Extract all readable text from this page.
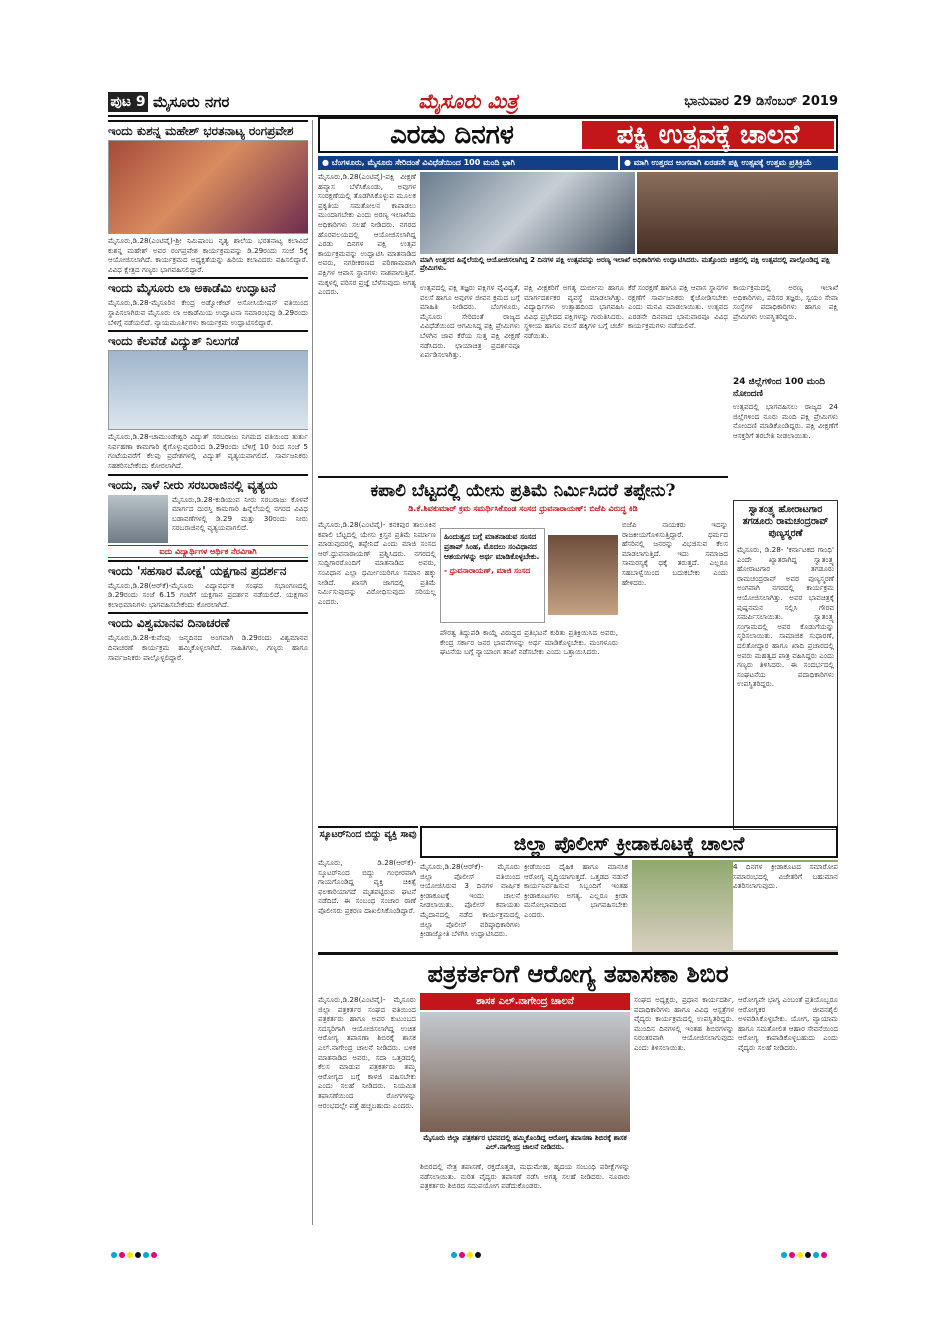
ಪುಟ 9 ಮೈಸೂರು ನಗರ	ಮೈಸೂರು ಮಿತ್ರ	ಭಾನುವಾರ 29 ಡಿಸೆಂಬರ್ 2019
ಇಂದು ಕುಶನ್ನ ಮಹೇಶ್ ಭರತನಾಟ್ಯ ರಂಗಪ್ರವೇಶ
ಮೈಸೂರು,ಡಿ.28(ಎಂಟಿವೈ)-ಶ್ರೀ ನಿಮಿಷಾಂಬ ನೃತ್ಯ ಶಾಲೆಯ ಭರತನಾಟ್ಯ ಕಲಾವಿದೆ ಕುಶನ್ನ ಮಹೇಶ್ ಅವರ ರಂಗಪ್ರವೇಶ ಕಾರ್ಯಕ್ರಮವನ್ನು ಡಿ.29ರಂದು ಸಂಜೆ 5ಕ್ಕೆ ಆಯೋಜಿಸಲಾಗಿದೆ. ಕಾರ್ಯಕ್ರಮದ ಅಧ್ಯಕ್ಷತೆಯನ್ನು ಹಿರಿಯ ಕಲಾವಿದರು ವಹಿಸಲಿದ್ದಾರೆ. ವಿವಿಧ ಕ್ಷೇತ್ರದ ಗಣ್ಯರು ಭಾಗವಹಿಸಲಿದ್ದಾರೆ.
ಇಂದು ಮೈಸೂರು ಲಾ ಅಕಾಡೆಮಿ ಉದ್ಘಾಟನೆ
ಮೈಸೂರು,ಡಿ.28-ಮೈಸೂರಿನ ಕೇಂದ್ರ ಅಡ್ವೋಕೇಟ್ ಅಸೋಸಿಯೇಷನ್ ವತಿಯಿಂದ ಸ್ಥಾಪಿಸಲಾಗಿರುವ ಮೈಸೂರು ಲಾ ಅಕಾಡೆಮಿಯ ಉದ್ಘಾಟನಾ ಸಮಾರಂಭವು ಡಿ.29ರಂದು ಬೆಳಿಗ್ಗೆ ನಡೆಯಲಿದೆ. ನ್ಯಾಯಮೂರ್ತಿಗಳು ಕಾರ್ಯಕ್ರಮ ಉದ್ಘಾಟಿಸಲಿದ್ದಾರೆ.
ಇಂದು ಕೆಲವೆಡೆ ವಿದ್ಯುತ್ ನಿಲುಗಡೆ
ಮೈಸೂರು,ಡಿ.28-ಚಾಮುಂಡೇಶ್ವರಿ ವಿದ್ಯುತ್ ಸರಬರಾಜು ನಿಗಮದ ವತಿಯಿಂದ ತುರ್ತು ನಿರ್ವಹಣಾ ಕಾಮಗಾರಿ ಕೈಗೊಳ್ಳುವುದರಿಂದ ಡಿ.29ರಂದು ಬೆಳಿಗ್ಗೆ 10 ರಿಂದ ಸಂಜೆ 5 ಗಂಟೆಯವರೆಗೆ ಕೆಲವು ಪ್ರದೇಶಗಳಲ್ಲಿ ವಿದ್ಯುತ್ ವ್ಯತ್ಯಯವಾಗಲಿದೆ. ಸಾರ್ವಜನಿಕರು ಸಹಕರಿಸಬೇಕೆಂದು ಕೋರಲಾಗಿದೆ.
ಇಂದು, ನಾಳೆ ನೀರು ಸರಬರಾಜಿನಲ್ಲಿ ವ್ಯತ್ಯಯ
ಮೈಸೂರು,ಡಿ.28-ಕುಡಿಯುವ ನೀರು ಸರಬರಾಜು ಕೊಳವೆ ಮಾರ್ಗದ ದುರಸ್ತಿ ಕಾಮಗಾರಿ ಹಿನ್ನೆಲೆಯಲ್ಲಿ ನಗರದ ವಿವಿಧ ಬಡಾವಣೆಗಳಲ್ಲಿ ಡಿ.29 ಮತ್ತು 30ರಂದು ನೀರು ಸರಬರಾಜಿನಲ್ಲಿ ವ್ಯತ್ಯಯವಾಗಲಿದೆ.
ಐದು ವಿದ್ಯಾರ್ಥಿಗಳ ಆರ್ಥಿಕ ನೆರವಿಗಾಗಿ
ಇಂದು 'ಸಹಸಾರ ಮೋಕ್ಷ' ಯಕ್ಷಗಾನ ಪ್ರದರ್ಶನ
ಮೈಸೂರು,ಡಿ.28(ಆರ್‌ಕೆ)-ಮೈಸೂರು ವಿದ್ಯಾವರ್ಧಕ ಸಂಘದ ಸಭಾಂಗಣದಲ್ಲಿ ಡಿ.29ರಂದು ಸಂಜೆ 6.15 ಗಂಟೆಗೆ ಯಕ್ಷಗಾನ ಪ್ರದರ್ಶನ ನಡೆಯಲಿದೆ. ಯಕ್ಷಗಾನ ಕಲಾಭಿಮಾನಿಗಳು ಭಾಗವಹಿಸಬೇಕೆಂದು ಕೋರಲಾಗಿದೆ.
ಇಂದು ವಿಶ್ವಮಾನವ ದಿನಾಚರಣೆ
ಮೈಸೂರು,ಡಿ.28-ಕುವೆಂಪು ಜನ್ಮದಿನದ ಅಂಗವಾಗಿ ಡಿ.29ರಂದು ವಿಶ್ವಮಾನವ ದಿನಾಚರಣೆ ಕಾರ್ಯಕ್ರಮ ಹಮ್ಮಿಕೊಳ್ಳಲಾಗಿದೆ. ಸಾಹಿತಿಗಳು, ಗಣ್ಯರು ಹಾಗೂ ಸಾರ್ವಜನಿಕರು ಪಾಲ್ಗೊಳ್ಳಲಿದ್ದಾರೆ.
ಎರಡು ದಿನಗಳ	ಪಕ್ಷಿ ಉತ್ಸವಕ್ಕೆ ಚಾಲನೆ
● ಬೆಂಗಳೂರು, ಮೈಸೂರು ಸೇರಿದಂತೆ ವಿವಿಧೆಡೆಯಿಂದ 100 ಮಂದಿ ಭಾಗಿ	● ಮಾಗಿ ಉತ್ತರದ ಅಂಗವಾಗಿ ಏರಡನೇ ಪಕ್ಷಿ ಉತ್ಸವಕ್ಕೆ ಉತ್ತಮ ಪ್ರತಿಕ್ರಿಯೆ
ಮೈಸೂರು,ಡಿ.28(ಎಂಟಿವೈ)-ಪಕ್ಷಿ ವೀಕ್ಷಣೆ ಹವ್ಯಾಸ ಬೆಳೆಸಿಕೊಂಡು, ಅವುಗಳ ಸಂರಕ್ಷಣೆಯಲ್ಲಿ ತೊಡಗಿಸಿಕೊಳ್ಳುವ ಮೂಲಕ ಪ್ರಕೃತಿಯ ಸಮತೋಲನ ಕಾಪಾಡಲು ಮುಂದಾಗಬೇಕು ಎಂದು ಅರಣ್ಯ ಇಲಾಖೆಯ ಅಧಿಕಾರಿಗಳು ಸಲಹೆ ನೀಡಿದರು. ನಗರದ ಹೊರವಲಯದಲ್ಲಿ ಆಯೋಜಿಸಲಾಗಿದ್ದ ಎರಡು ದಿನಗಳ ಪಕ್ಷಿ ಉತ್ಸವ ಕಾರ್ಯಕ್ರಮವನ್ನು ಉದ್ಘಾಟಿಸಿ ಮಾತನಾಡಿದ ಅವರು, ನಗರೀಕರಣದ ಪರಿಣಾಮವಾಗಿ ಪಕ್ಷಿಗಳ ಆವಾಸ ಸ್ಥಾನಗಳು ನಾಶವಾಗುತ್ತಿವೆ. ಮಕ್ಕಳಲ್ಲಿ ಪರಿಸರ ಪ್ರಜ್ಞೆ ಬೆಳೆಸುವುದು ಅಗತ್ಯ ಎಂದರು.
ಮಾಗಿ ಉತ್ತರದ ಹಿನ್ನೆಲೆಯಲ್ಲಿ ಆಯೋಜಿಸಲಾಗಿದ್ದ 2 ದಿನಗಳ ಪಕ್ಷಿ ಉತ್ಸವವನ್ನು ಅರಣ್ಯ ಇಲಾಖೆ ಅಧಿಕಾರಿಗಳು ಉದ್ಘಾಟಿಸಿದರು. ಮತ್ತೊಂದು ಚಿತ್ರದಲ್ಲಿ ಪಕ್ಷಿ ಉತ್ಸವದಲ್ಲಿ ಪಾಲ್ಗೊಂಡಿದ್ದ ಪಕ್ಷಿ ಪ್ರೇಮಿಗಳು.
ಉತ್ಸವದಲ್ಲಿ ಪಕ್ಷಿ ತಜ್ಞರು ಪಕ್ಷಿಗಳ ವೈವಿಧ್ಯತೆ, ವಲಸೆ ಹಾಗೂ ಅವುಗಳ ಜೀವನ ಕ್ರಮದ ಬಗ್ಗೆ ಮಾಹಿತಿ ನೀಡಿದರು. ಬೆಂಗಳೂರು, ಮೈಸೂರು ಸೇರಿದಂತೆ ರಾಜ್ಯದ ವಿವಿಧೆಡೆಯಿಂದ ಆಗಮಿಸಿದ್ದ ಪಕ್ಷಿ ಪ್ರೇಮಿಗಳು ಬೆಳಗಿನ ಜಾವ ಕೆರೆಯ ಸುತ್ತ ಪಕ್ಷಿ ವೀಕ್ಷಣೆ ನಡೆಸಿದರು. ಛಾಯಾಚಿತ್ರ ಪ್ರದರ್ಶನವೂ ಏರ್ಪಡಿಸಲಾಗಿತ್ತು.
ಪಕ್ಷಿ ವೀಕ್ಷಕರಿಗೆ ಅಗತ್ಯ ದುರ್ಬೀನು ಹಾಗೂ ಮಾರ್ಗದರ್ಶಕರ ವ್ಯವಸ್ಥೆ ಮಾಡಲಾಗಿತ್ತು. ವಿದ್ಯಾರ್ಥಿಗಳು ಉತ್ಸಾಹದಿಂದ ಭಾಗವಹಿಸಿ ವಿವಿಧ ಪ್ರಭೇದದ ಪಕ್ಷಿಗಳನ್ನು ಗುರುತಿಸಿದರು. ಸ್ಥಳೀಯ ಹಾಗೂ ವಲಸೆ ಹಕ್ಕಿಗಳ ಬಗ್ಗೆ ಚರ್ಚೆ ನಡೆಯಿತು.
ಕೆರೆ ಸಂರಕ್ಷಣೆ ಹಾಗೂ ಪಕ್ಷಿ ಆವಾಸ ಸ್ಥಾನಗಳ ರಕ್ಷಣೆಗೆ ಸಾರ್ವಜನಿಕರು ಕೈಜೋಡಿಸಬೇಕು ಎಂದು ಮನವಿ ಮಾಡಲಾಯಿತು. ಉತ್ಸವದ ಎರಡನೇ ದಿನವಾದ ಭಾನುವಾರವೂ ವಿವಿಧ ಕಾರ್ಯಕ್ರಮಗಳು ನಡೆಯಲಿವೆ.
ಕಾರ್ಯಕ್ರಮದಲ್ಲಿ ಅರಣ್ಯ ಇಲಾಖೆ ಅಧಿಕಾರಿಗಳು, ಪರಿಸರ ತಜ್ಞರು, ಸ್ವಯಂ ಸೇವಾ ಸಂಸ್ಥೆಗಳ ಪದಾಧಿಕಾರಿಗಳು ಹಾಗೂ ಪಕ್ಷಿ ಪ್ರೇಮಿಗಳು ಉಪಸ್ಥಿತರಿದ್ದರು.
24 ಜಿಲ್ಲೆಗಳಿಂದ 100 ಮಂದಿ ನೋಂದಣಿ
ಉತ್ಸವದಲ್ಲಿ ಭಾಗವಹಿಸಲು ರಾಜ್ಯದ 24 ಜಿಲ್ಲೆಗಳಿಂದ ನೂರು ಮಂದಿ ಪಕ್ಷಿ ಪ್ರೇಮಿಗಳು ನೋಂದಣಿ ಮಾಡಿಕೊಂಡಿದ್ದರು. ಪಕ್ಷಿ ವೀಕ್ಷಣೆಗೆ ಆಸಕ್ತರಿಗೆ ತರಬೇತಿ ನೀಡಲಾಯಿತು.
ಕಪಾಲಿ ಬೆಟ್ಟದಲ್ಲಿ ಯೇಸು ಪ್ರತಿಮೆ ನಿರ್ಮಿಸಿದರೆ ತಪ್ಪೇನು?
ಡಿ.ಕೆ.ಶಿವಕುಮಾರ್ ಕ್ರಮ ಸಮರ್ಥಿಸಿಕೊಂಡ ಸಂಸದ ಧ್ರುವನಾರಾಯಣ್: ಬಿಜೆಪಿ ವಿರುದ್ಧ ಕಿಡಿ
ಮೈಸೂರು,ಡಿ.28(ಎಂಟಿವೈ)- ಕನಕಪುರ ತಾಲೂಕಿನ ಕಪಾಲಿ ಬೆಟ್ಟದಲ್ಲಿ ಯೇಸು ಕ್ರಿಸ್ತನ ಪ್ರತಿಮೆ ನಿರ್ಮಾಣ ಮಾಡುವುದರಲ್ಲಿ ತಪ್ಪೇನಿದೆ ಎಂದು ಮಾಜಿ ಸಂಸದ ಆರ್.ಧ್ರುವನಾರಾಯಣ್ ಪ್ರಶ್ನಿಸಿದರು. ನಗರದಲ್ಲಿ ಸುದ್ದಿಗಾರರೊಂದಿಗೆ ಮಾತನಾಡಿದ ಅವರು, ಸಂವಿಧಾನ ಎಲ್ಲಾ ಧರ್ಮೀಯರಿಗೂ ಸಮಾನ ಹಕ್ಕು ನೀಡಿದೆ. ಖಾಸಗಿ ಜಾಗದಲ್ಲಿ ಪ್ರತಿಮೆ ನಿರ್ಮಿಸುವುದನ್ನು ವಿರೋಧಿಸುವುದು ಸರಿಯಲ್ಲ ಎಂದರು.
ಹಿಂದುತ್ವದ ಬಗ್ಗೆ ಮಾತನಾಡುವ ಸಂಸದ ಪ್ರತಾಪ್ ಸಿಂಹ, ಮೊದಲು ಸಂವಿಧಾನದ ಆಶಯಗಳನ್ನು ಅರ್ಥ ಮಾಡಿಕೊಳ್ಳಬೇಕು.
- ಧ್ರುವನಾರಾಯಣ್, ಮಾಜಿ ಸಂಸದ
ಬಿಜೆಪಿ ನಾಯಕರು ಇದನ್ನು ರಾಜಕೀಯಗೊಳಿಸುತ್ತಿದ್ದಾರೆ. ಧರ್ಮದ ಹೆಸರಿನಲ್ಲಿ ಜನರನ್ನು ವಿಭಜಿಸುವ ಕೆಲಸ ಮಾಡಲಾಗುತ್ತಿದೆ. ಇದು ಸಮಾಜದ ಸಾಮರಸ್ಯಕ್ಕೆ ಧಕ್ಕೆ ತರುತ್ತದೆ. ಎಲ್ಲರೂ ಸಹಬಾಳ್ವೆಯಿಂದ ಬದುಕಬೇಕು ಎಂದು ಹೇಳಿದರು.
ಪೌರತ್ವ ತಿದ್ದುಪಡಿ ಕಾಯ್ದೆ ವಿರುದ್ಧದ ಪ್ರತಿಭಟನೆ ಕುರಿತು ಪ್ರತಿಕ್ರಿಯಿಸಿದ ಅವರು, ಕೇಂದ್ರ ಸರ್ಕಾರ ಜನರ ಭಾವನೆಗಳನ್ನು ಅರ್ಥ ಮಾಡಿಕೊಳ್ಳಬೇಕು. ಮಂಗಳೂರು ಘಟನೆಯ ಬಗ್ಗೆ ನ್ಯಾಯಾಂಗ ತನಿಖೆ ನಡೆಸಬೇಕು ಎಂದು ಒತ್ತಾಯಿಸಿದರು.
ಸ್ವಾತಂತ್ರ್ಯ ಹೋರಾಟಗಾರ ತಗಡೂರು ರಾಮಚಂದ್ರರಾವ್ ಪುಣ್ಯಸ್ಮರಣೆ
ಮೈಸೂರು, ಡಿ.28- 'ಕರ್ನಾಟಕದ ಗಾಂಧಿ' ಎಂದೇ ಖ್ಯಾತರಾಗಿದ್ದ ಸ್ವಾತಂತ್ರ್ಯ ಹೋರಾಟಗಾರ ತಗಡೂರು ರಾಮಚಂದ್ರರಾವ್ ಅವರ ಪುಣ್ಯಸ್ಮರಣೆ ಅಂಗವಾಗಿ ನಗರದಲ್ಲಿ ಕಾರ್ಯಕ್ರಮ ಆಯೋಜಿಸಲಾಗಿತ್ತು. ಅವರ ಭಾವಚಿತ್ರಕ್ಕೆ ಪುಷ್ಪನಮನ ಸಲ್ಲಿಸಿ ಗೌರವ ಸಮರ್ಪಿಸಲಾಯಿತು. ಸ್ವಾತಂತ್ರ್ಯ ಸಂಗ್ರಾಮದಲ್ಲಿ ಅವರ ಕೊಡುಗೆಯನ್ನು ಸ್ಮರಿಸಲಾಯಿತು. ಸಾಮಾಜಿಕ ಸುಧಾರಣೆ, ದಲಿತೋದ್ಧಾರ ಹಾಗೂ ಖಾದಿ ಪ್ರಚಾರದಲ್ಲಿ ಅವರು ಮಹತ್ವದ ಪಾತ್ರ ವಹಿಸಿದ್ದರು ಎಂದು ಗಣ್ಯರು ತಿಳಿಸಿದರು. ಈ ಸಂದರ್ಭದಲ್ಲಿ ಸಂಘಟನೆಯ ಪದಾಧಿಕಾರಿಗಳು ಉಪಸ್ಥಿತರಿದ್ದರು.
ಸ್ಕೂಟರ್‌ನಿಂದ ಬಿದ್ದು ವ್ಯಕ್ತಿ ಸಾವು
ಮೈಸೂರು, ಡಿ.28(ಆರ್‌ಕೆ)- ಸ್ಕೂಟರ್‌ನಿಂದ ಬಿದ್ದು ಗಂಭೀರವಾಗಿ ಗಾಯಗೊಂಡಿದ್ದ ವ್ಯಕ್ತಿ ಚಿಕಿತ್ಸೆ ಫಲಕಾರಿಯಾಗದೆ ಮೃತಪಟ್ಟಿರುವ ಘಟನೆ ನಡೆದಿದೆ. ಈ ಸಂಬಂಧ ಸಂಚಾರ ಠಾಣೆ ಪೊಲೀಸರು ಪ್ರಕರಣ ದಾಖಲಿಸಿಕೊಂಡಿದ್ದಾರೆ.
ಜಿಲ್ಲಾ ಪೊಲೀಸ್ ಕ್ರೀಡಾಕೂಟಕ್ಕೆ ಚಾಲನೆ
ಮೈಸೂರು,ಡಿ.28(ಆರ್‌ಕೆ)- ಮೈಸೂರು ಜಿಲ್ಲಾ ಪೊಲೀಸ್ ವತಿಯಿಂದ ಆಯೋಜಿಸಿರುವ 3 ದಿನಗಳ ವಾರ್ಷಿಕ ಕ್ರೀಡಾಕೂಟಕ್ಕೆ ಇಂದು ಚಾಲನೆ ನೀಡಲಾಯಿತು. ಪೊಲೀಸ್ ಕವಾಯತು ಮೈದಾನದಲ್ಲಿ ನಡೆದ ಕಾರ್ಯಕ್ರಮದಲ್ಲಿ ಜಿಲ್ಲಾ ಪೊಲೀಸ್ ವರಿಷ್ಠಾಧಿಕಾರಿಗಳು ಕ್ರೀಡಾಜ್ಯೋತಿ ಬೆಳಗಿಸಿ ಉದ್ಘಾಟಿಸಿದರು.
ಕ್ರೀಡೆಯಿಂದ ದೈಹಿಕ ಹಾಗೂ ಮಾನಸಿಕ ಆರೋಗ್ಯ ವೃದ್ಧಿಯಾಗುತ್ತದೆ. ಒತ್ತಡದ ನಡುವೆ ಕಾರ್ಯನಿರ್ವಹಿಸುವ ಸಿಬ್ಬಂದಿಗೆ ಇಂತಹ ಕ್ರೀಡಾಕೂಟಗಳು ಅಗತ್ಯ. ಎಲ್ಲರೂ ಕ್ರೀಡಾ ಮನೋಭಾವದಿಂದ ಭಾಗವಹಿಸಬೇಕು ಎಂದರು.
4 ದಿನಗಳ ಕ್ರೀಡಾಕೂಟದ ಸಮಾರೋಪ ಸಮಾರಂಭದಲ್ಲಿ ವಿಜೇತರಿಗೆ ಬಹುಮಾನ ವಿತರಿಸಲಾಗುವುದು.
ಪತ್ರಕರ್ತರಿಗೆ ಆರೋಗ್ಯ ತಪಾಸಣಾ ಶಿಬಿರ
ಮೈಸೂರು,ಡಿ.28(ಎಂಟಿವೈ)- ಮೈಸೂರು ಜಿಲ್ಲಾ ಪತ್ರಕರ್ತರ ಸಂಘದ ವತಿಯಿಂದ ಪತ್ರಕರ್ತರು ಹಾಗೂ ಅವರ ಕುಟುಂಬದ ಸದಸ್ಯರಿಗಾಗಿ ಆಯೋಜಿಸಲಾಗಿದ್ದ ಉಚಿತ ಆರೋಗ್ಯ ತಪಾಸಣಾ ಶಿಬಿರಕ್ಕೆ ಶಾಸಕ ಎಲ್.ನಾಗೇಂದ್ರ ಚಾಲನೆ ನೀಡಿದರು. ಬಳಿಕ ಮಾತನಾಡಿದ ಅವರು, ಸದಾ ಒತ್ತಡದಲ್ಲಿ ಕೆಲಸ ಮಾಡುವ ಪತ್ರಕರ್ತರು ತಮ್ಮ ಆರೋಗ್ಯದ ಬಗ್ಗೆ ಕಾಳಜಿ ವಹಿಸಬೇಕು ಎಂದು ಸಲಹೆ ನೀಡಿದರು. ನಿಯಮಿತ ತಪಾಸಣೆಯಿಂದ ರೋಗಗಳನ್ನು ಆರಂಭದಲ್ಲೇ ಪತ್ತೆ ಹಚ್ಚಬಹುದು ಎಂದರು.
ಶಾಸಕ ಎಲ್.ನಾಗೇಂದ್ರ ಚಾಲನೆ
ಮೈಸೂರು ಜಿಲ್ಲಾ ಪತ್ರಕರ್ತರ ಭವನದಲ್ಲಿ ಹಮ್ಮಿಕೊಂಡಿದ್ದ ಆರೋಗ್ಯ ತಪಾಸಣಾ ಶಿಬಿರಕ್ಕೆ ಶಾಸಕ ಎಲ್.ನಾಗೇಂದ್ರ ಚಾಲನೆ ನೀಡಿದರು.
ಶಿಬಿರದಲ್ಲಿ ನೇತ್ರ ತಪಾಸಣೆ, ರಕ್ತದೊತ್ತಡ, ಮಧುಮೇಹ, ಹೃದಯ ಸಂಬಂಧಿ ಪರೀಕ್ಷೆಗಳನ್ನು ನಡೆಸಲಾಯಿತು. ನುರಿತ ವೈದ್ಯರು ತಪಾಸಣೆ ನಡೆಸಿ ಅಗತ್ಯ ಸಲಹೆ ನೀಡಿದರು. ನೂರಾರು ಪತ್ರಕರ್ತರು ಶಿಬಿರದ ಸದುಪಯೋಗ ಪಡೆದುಕೊಂಡರು.
ಸಂಘದ ಅಧ್ಯಕ್ಷರು, ಪ್ರಧಾನ ಕಾರ್ಯದರ್ಶಿ, ಪದಾಧಿಕಾರಿಗಳು ಹಾಗೂ ವಿವಿಧ ಆಸ್ಪತ್ರೆಗಳ ವೈದ್ಯರು ಕಾರ್ಯಕ್ರಮದಲ್ಲಿ ಉಪಸ್ಥಿತರಿದ್ದರು. ಮುಂದಿನ ದಿನಗಳಲ್ಲಿ ಇಂತಹ ಶಿಬಿರಗಳನ್ನು ನಿರಂತರವಾಗಿ ಆಯೋಜಿಸಲಾಗುವುದು ಎಂದು ತಿಳಿಸಲಾಯಿತು.
ಆರೋಗ್ಯವೇ ಭಾಗ್ಯ ಎಂಬಂತೆ ಪ್ರತಿಯೊಬ್ಬರೂ ಆರೋಗ್ಯಕರ ಜೀವನಶೈಲಿ ಅಳವಡಿಸಿಕೊಳ್ಳಬೇಕು. ಯೋಗ, ವ್ಯಾಯಾಮ ಹಾಗೂ ಸಮತೋಲಿತ ಆಹಾರ ಸೇವನೆಯಿಂದ ಆರೋಗ್ಯ ಕಾಪಾಡಿಕೊಳ್ಳಬಹುದು ಎಂದು ವೈದ್ಯರು ಸಲಹೆ ನೀಡಿದರು.
